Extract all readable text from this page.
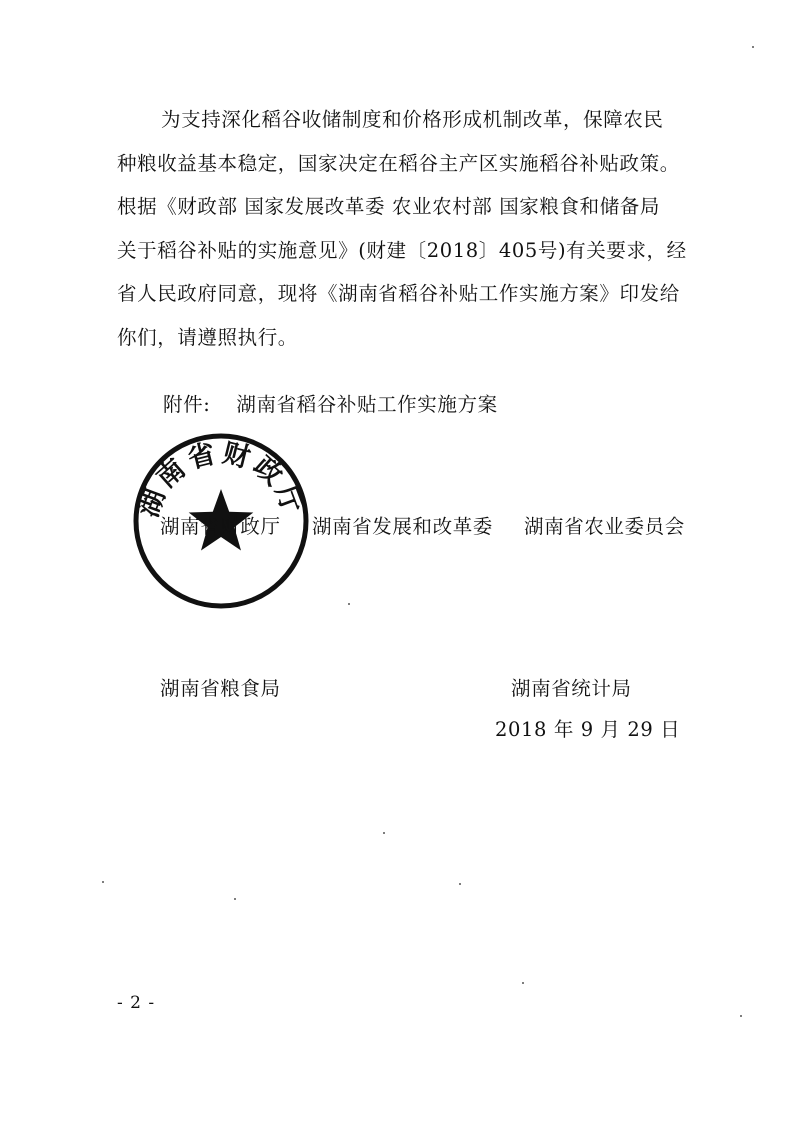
为支持深化稻谷收储制度和价格形成机制改革，保障农民
种粮收益基本稳定，国家决定在稻谷主产区实施稻谷补贴政策。
根据《财政部 国家发展改革委 农业农村部 国家粮食和储备局
关于稻谷补贴的实施意见》(财建〔2018〕405号)有关要求，经
省人民政府同意，现将《湖南省稻谷补贴工作实施方案》印发给
你们，请遵照执行。
附件: 湖南省稻谷补贴工作实施方案
湖南省财政厅
湖南省财政厅 湖南省发展和改革委 湖南省农业委员会
湖南省粮食局	湖南省统计局
2018 年 9 月 29 日
- 2 -
